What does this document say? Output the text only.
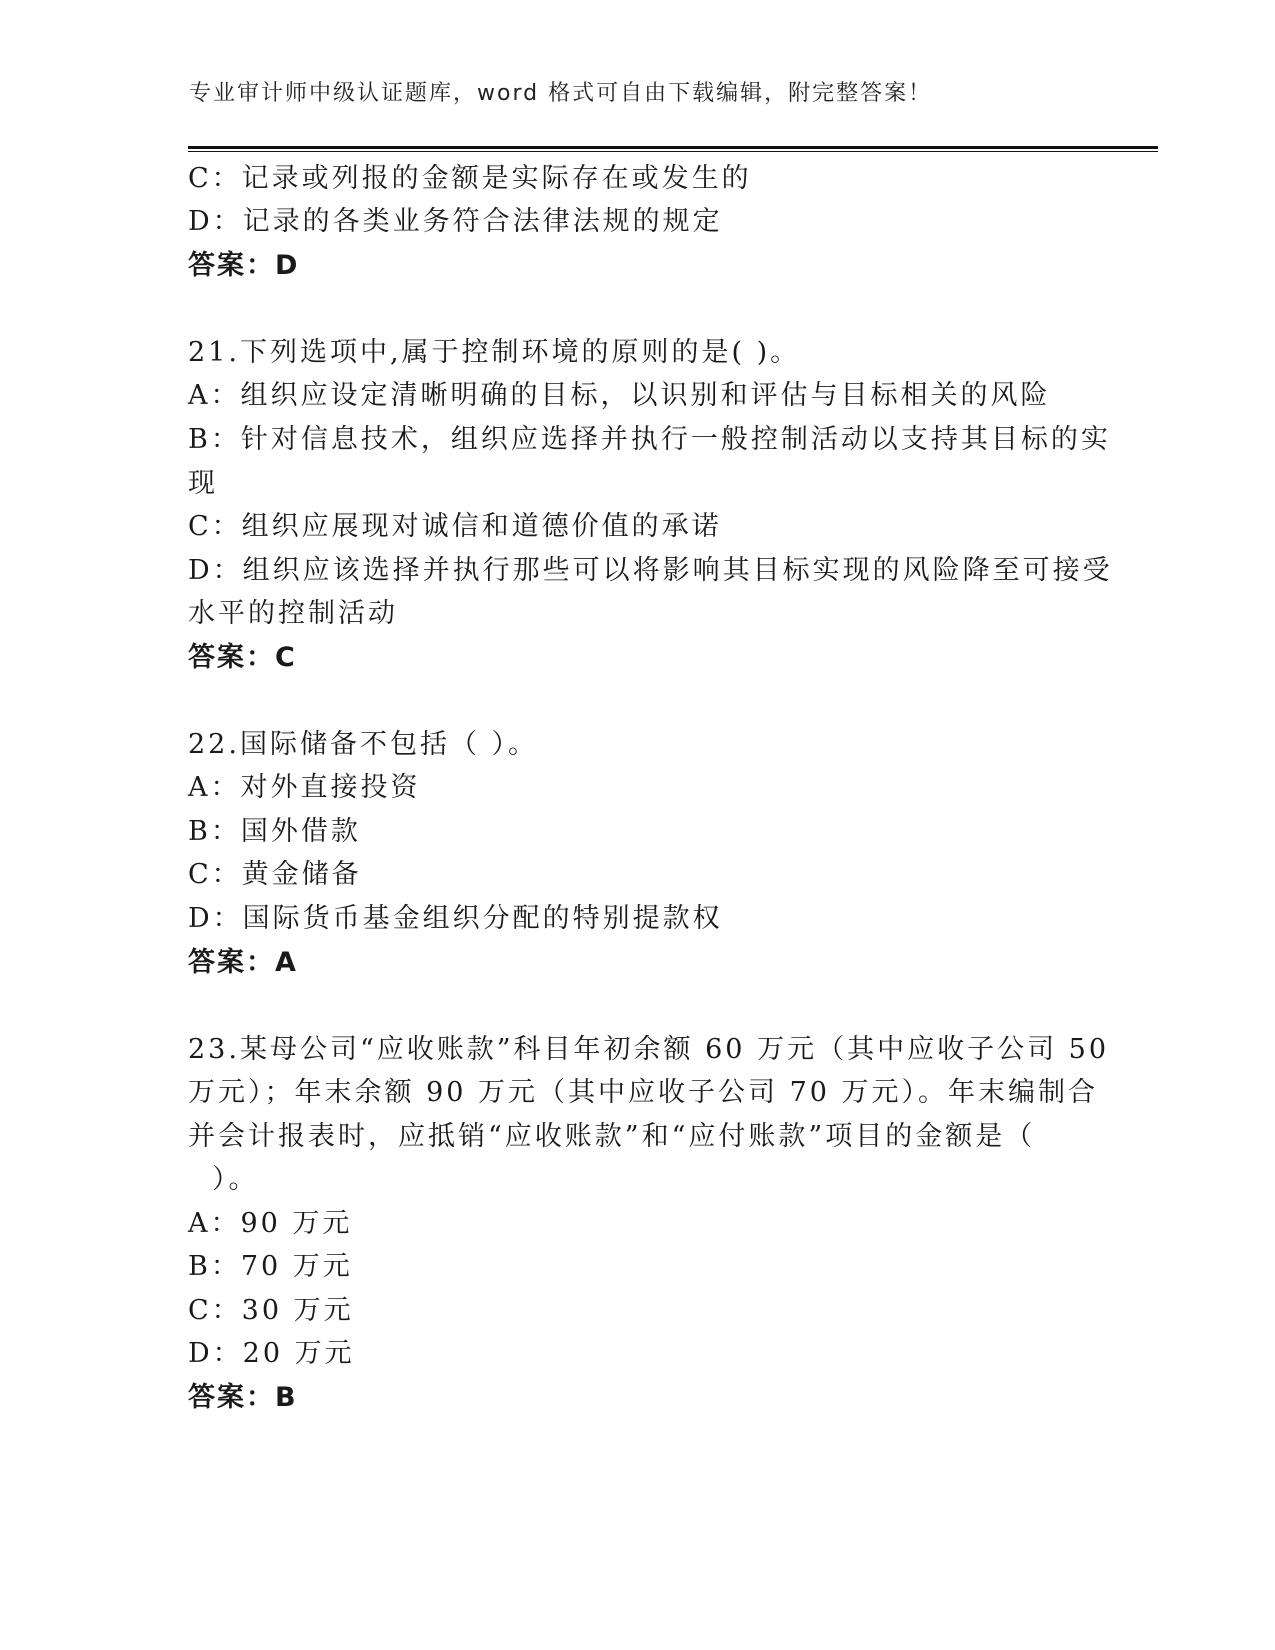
专业审计师中级认证题库，word 格式可自由下载编辑，附完整答案！
C：记录或列报的金额是实际存在或发生的
D：记录的各类业务符合法律法规的规定
答案：D
21.下列选项中,属于控制环境的原则的是( )。
A：组织应设定清晰明确的目标，以识别和评估与目标相关的风险
B：针对信息技术，组织应选择并执行一般控制活动以支持其目标的实
现
C：组织应展现对诚信和道德价值的承诺
D：组织应该选择并执行那些可以将影响其目标实现的风险降至可接受
水平的控制活动
答案：C
22.国际储备不包括（ ）。
A：对外直接投资
B：国外借款
C：黄金储备
D：国际货币基金组织分配的特别提款权
答案：A
23.某母公司“应收账款”科目年初余额 60 万元（其中应收子公司 50
万元）；年末余额 90 万元（其中应收子公司 70 万元）。年末编制合
并会计报表时，应抵销“应收账款”和“应付账款”项目的金额是（
）。
A：90 万元
B：70 万元
C：30 万元
D：20 万元
答案：B
